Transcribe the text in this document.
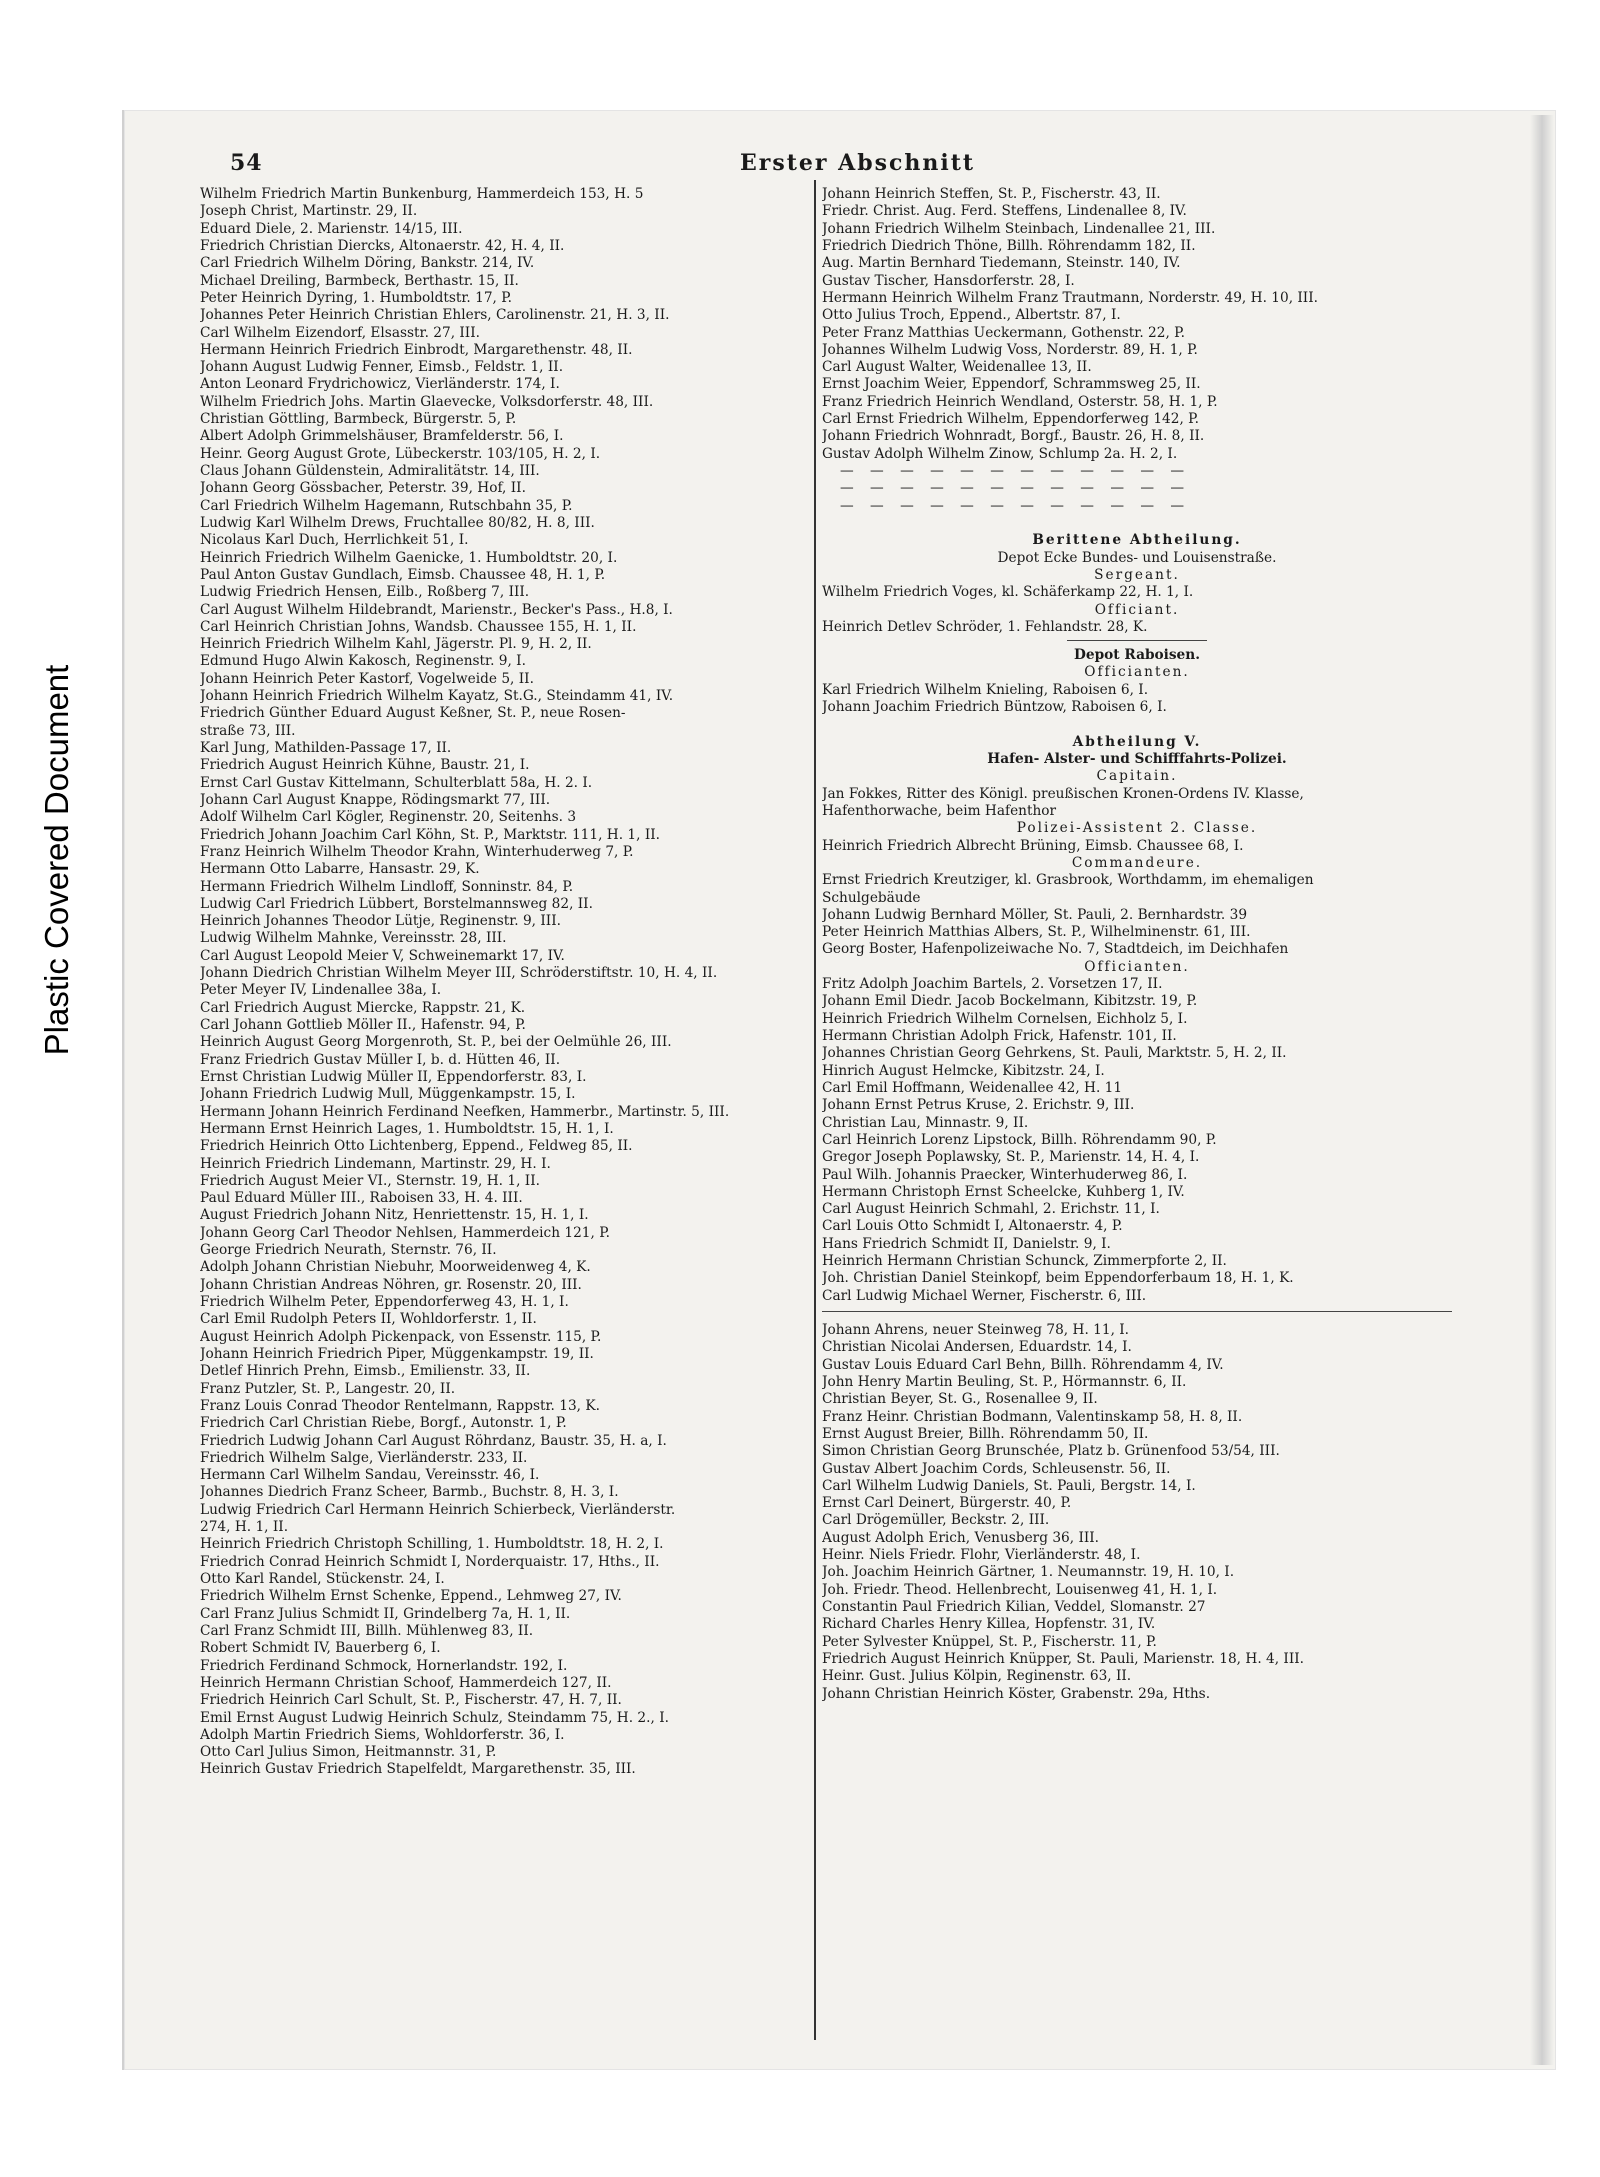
Plastic Covered Document
54	Erster Abschnitt
Wilhelm Friedrich Martin Bunkenburg, Hammerdeich 153, H. 5
Joseph Christ, Martinstr. 29, II.
Eduard Diele, 2. Marienstr. 14/15, III.
Friedrich Christian Diercks, Altonaerstr. 42, H. 4, II.
Carl Friedrich Wilhelm Döring, Bankstr. 214, IV.
Michael Dreiling, Barmbeck, Berthastr. 15, II.
Peter Heinrich Dyring, 1. Humboldtstr. 17, P.
Johannes Peter Heinrich Christian Ehlers, Carolinenstr. 21, H. 3, II.
Carl Wilhelm Eizendorf, Elsasstr. 27, III.
Hermann Heinrich Friedrich Einbrodt, Margarethenstr. 48, II.
Johann August Ludwig Fenner, Eimsb., Feldstr. 1, II.
Anton Leonard Frydrichowicz, Vierländerstr. 174, I.
Wilhelm Friedrich Johs. Martin Glaevecke, Volksdorferstr. 48, III.
Christian Göttling, Barmbeck, Bürgerstr. 5, P.
Albert Adolph Grimmelshäuser, Bramfelderstr. 56, I.
Heinr. Georg August Grote, Lübeckerstr. 103/105, H. 2, I.
Claus Johann Güldenstein, Admiralitätstr. 14, III.
Johann Georg Gössbacher, Peterstr. 39, Hof, II.
Carl Friedrich Wilhelm Hagemann, Rutschbahn 35, P.
Ludwig Karl Wilhelm Drews, Fruchtallee 80/82, H. 8, III.
Nicolaus Karl Duch, Herrlichkeit 51, I.
Heinrich Friedrich Wilhelm Gaenicke, 1. Humboldtstr. 20, I.
Paul Anton Gustav Gundlach, Eimsb. Chaussee 48, H. 1, P.
Ludwig Friedrich Hensen, Eilb., Roßberg 7, III.
Carl August Wilhelm Hildebrandt, Marienstr., Becker's Pass., H.8, I.
Carl Heinrich Christian Johns, Wandsb. Chaussee 155, H. 1, II.
Heinrich Friedrich Wilhelm Kahl, Jägerstr. Pl. 9, H. 2, II.
Edmund Hugo Alwin Kakosch, Reginenstr. 9, I.
Johann Heinrich Peter Kastorf, Vogelweide 5, II.
Johann Heinrich Friedrich Wilhelm Kayatz, St.G., Steindamm 41, IV.
Friedrich Günther Eduard August Keßner, St. P., neue Rosen-
straße 73, III.
Karl Jung, Mathilden-Passage 17, II.
Friedrich August Heinrich Kühne, Baustr. 21, I.
Ernst Carl Gustav Kittelmann, Schulterblatt 58a, H. 2. I.
Johann Carl August Knappe, Rödingsmarkt 77, III.
Adolf Wilhelm Carl Kögler, Reginenstr. 20, Seitenhs. 3
Friedrich Johann Joachim Carl Köhn, St. P., Marktstr. 111, H. 1, II.
Franz Heinrich Wilhelm Theodor Krahn, Winterhuderweg 7, P.
Hermann Otto Labarre, Hansastr. 29, K.
Hermann Friedrich Wilhelm Lindloff, Sonninstr. 84, P.
Ludwig Carl Friedrich Lübbert, Borstelmannsweg 82, II.
Heinrich Johannes Theodor Lütje, Reginenstr. 9, III.
Ludwig Wilhelm Mahnke, Vereinsstr. 28, III.
Carl August Leopold Meier V, Schweinemarkt 17, IV.
Johann Diedrich Christian Wilhelm Meyer III, Schröderstiftstr. 10, H. 4, II.
Peter Meyer IV, Lindenallee 38a, I.
Carl Friedrich August Miercke, Rappstr. 21, K.
Carl Johann Gottlieb Möller II., Hafenstr. 94, P.
Heinrich August Georg Morgenroth, St. P., bei der Oelmühle 26, III.
Franz Friedrich Gustav Müller I, b. d. Hütten 46, II.
Ernst Christian Ludwig Müller II, Eppendorferstr. 83, I.
Johann Friedrich Ludwig Mull, Müggenkampstr. 15, I.
Hermann Johann Heinrich Ferdinand Neefken, Hammerbr., Martinstr. 5, III.
Hermann Ernst Heinrich Lages, 1. Humboldtstr. 15, H. 1, I.
Friedrich Heinrich Otto Lichtenberg, Eppend., Feldweg 85, II.
Heinrich Friedrich Lindemann, Martinstr. 29, H. I.
Friedrich August Meier VI., Sternstr. 19, H. 1, II.
Paul Eduard Müller III., Raboisen 33, H. 4. III.
August Friedrich Johann Nitz, Henriettenstr. 15, H. 1, I.
Johann Georg Carl Theodor Nehlsen, Hammerdeich 121, P.
George Friedrich Neurath, Sternstr. 76, II.
Adolph Johann Christian Niebuhr, Moorweidenweg 4, K.
Johann Christian Andreas Nöhren, gr. Rosenstr. 20, III.
Friedrich Wilhelm Peter, Eppendorferweg 43, H. 1, I.
Carl Emil Rudolph Peters II, Wohldorferstr. 1, II.
August Heinrich Adolph Pickenpack, von Essenstr. 115, P.
Johann Heinrich Friedrich Piper, Müggenkampstr. 19, II.
Detlef Hinrich Prehn, Eimsb., Emilienstr. 33, II.
Franz Putzler, St. P., Langestr. 20, II.
Franz Louis Conrad Theodor Rentelmann, Rappstr. 13, K.
Friedrich Carl Christian Riebe, Borgf., Autonstr. 1, P.
Friedrich Ludwig Johann Carl August Röhrdanz, Baustr. 35, H. a, I.
Friedrich Wilhelm Salge, Vierländerstr. 233, II.
Hermann Carl Wilhelm Sandau, Vereinsstr. 46, I.
Johannes Diedrich Franz Scheer, Barmb., Buchstr. 8, H. 3, I.
Ludwig Friedrich Carl Hermann Heinrich Schierbeck, Vierländerstr.
274, H. 1, II.
Heinrich Friedrich Christoph Schilling, 1. Humboldtstr. 18, H. 2, I.
Friedrich Conrad Heinrich Schmidt I, Norderquaistr. 17, Hths., II.
Otto Karl Randel, Stückenstr. 24, I.
Friedrich Wilhelm Ernst Schenke, Eppend., Lehmweg 27, IV.
Carl Franz Julius Schmidt II, Grindelberg 7a, H. 1, II.
Carl Franz Schmidt III, Billh. Mühlenweg 83, II.
Robert Schmidt IV, Bauerberg 6, I.
Friedrich Ferdinand Schmock, Hornerlandstr. 192, I.
Heinrich Hermann Christian Schoof, Hammerdeich 127, II.
Friedrich Heinrich Carl Schult, St. P., Fischerstr. 47, H. 7, II.
Emil Ernst August Ludwig Heinrich Schulz, Steindamm 75, H. 2., I.
Adolph Martin Friedrich Siems, Wohldorferstr. 36, I.
Otto Carl Julius Simon, Heitmannstr. 31, P.
Heinrich Gustav Friedrich Stapelfeldt, Margarethenstr. 35, III.
Johann Heinrich Steffen, St. P., Fischerstr. 43, II.
Friedr. Christ. Aug. Ferd. Steffens, Lindenallee 8, IV.
Johann Friedrich Wilhelm Steinbach, Lindenallee 21, III.
Friedrich Diedrich Thöne, Billh. Röhrendamm 182, II.
Aug. Martin Bernhard Tiedemann, Steinstr. 140, IV.
Gustav Tischer, Hansdorferstr. 28, I.
Hermann Heinrich Wilhelm Franz Trautmann, Norderstr. 49, H. 10, III.
Otto Julius Troch, Eppend., Albertstr. 87, I.
Peter Franz Matthias Ueckermann, Gothenstr. 22, P.
Johannes Wilhelm Ludwig Voss, Norderstr. 89, H. 1, P.
Carl August Walter, Weidenallee 13, II.
Ernst Joachim Weier, Eppendorf, Schrammsweg 25, II.
Franz Friedrich Heinrich Wendland, Osterstr. 58, H. 1, P.
Carl Ernst Friedrich Wilhelm, Eppendorferweg 142, P.
Johann Friedrich Wohnradt, Borgf., Baustr. 26, H. 8, II.
Gustav Adolph Wilhelm Zinow, Schlump 2a. H. 2, I.
— — — — — — — — — — — —
— — — — — — — — — — — —
— — — — — — — — — — — —
Berittene Abtheilung.
Depot Ecke Bundes- und Louisenstraße.
Sergeant.
Wilhelm Friedrich Voges, kl. Schäferkamp 22, H. 1, I.
Officiant.
Heinrich Detlev Schröder, 1. Fehlandstr. 28, K.
Depot Raboisen.
Officianten.
Karl Friedrich Wilhelm Knieling, Raboisen 6, I.
Johann Joachim Friedrich Büntzow, Raboisen 6, I.
Abtheilung V.
Hafen- Alster- und Schifffahrts-Polizei.
Capitain.
Jan Fokkes, Ritter des Königl. preußischen Kronen-Ordens IV. Klasse,
Hafenthorwache, beim Hafenthor
Polizei-Assistent 2. Classe.
Heinrich Friedrich Albrecht Brüning, Eimsb. Chaussee 68, I.
Commandeure.
Ernst Friedrich Kreutziger, kl. Grasbrook, Worthdamm, im ehemaligen
Schulgebäude
Johann Ludwig Bernhard Möller, St. Pauli, 2. Bernhardstr. 39
Peter Heinrich Matthias Albers, St. P., Wilhelminenstr. 61, III.
Georg Boster, Hafenpolizeiwache No. 7, Stadtdeich, im Deichhafen
Officianten.
Fritz Adolph Joachim Bartels, 2. Vorsetzen 17, II.
Johann Emil Diedr. Jacob Bockelmann, Kibitzstr. 19, P.
Heinrich Friedrich Wilhelm Cornelsen, Eichholz 5, I.
Hermann Christian Adolph Frick, Hafenstr. 101, II.
Johannes Christian Georg Gehrkens, St. Pauli, Marktstr. 5, H. 2, II.
Hinrich August Helmcke, Kibitzstr. 24, I.
Carl Emil Hoffmann, Weidenallee 42, H. 11
Johann Ernst Petrus Kruse, 2. Erichstr. 9, III.
Christian Lau, Minnastr. 9, II.
Carl Heinrich Lorenz Lipstock, Billh. Röhrendamm 90, P.
Gregor Joseph Poplawsky, St. P., Marienstr. 14, H. 4, I.
Paul Wilh. Johannis Praecker, Winterhuderweg 86, I.
Hermann Christoph Ernst Scheelcke, Kuhberg 1, IV.
Carl August Heinrich Schmahl, 2. Erichstr. 11, I.
Carl Louis Otto Schmidt I, Altonaerstr. 4, P.
Hans Friedrich Schmidt II, Danielstr. 9, I.
Heinrich Hermann Christian Schunck, Zimmerpforte 2, II.
Joh. Christian Daniel Steinkopf, beim Eppendorferbaum 18, H. 1, K.
Carl Ludwig Michael Werner, Fischerstr. 6, III.
Johann Ahrens, neuer Steinweg 78, H. 11, I.
Christian Nicolai Andersen, Eduardstr. 14, I.
Gustav Louis Eduard Carl Behn, Billh. Röhrendamm 4, IV.
John Henry Martin Beuling, St. P., Hörmannstr. 6, II.
Christian Beyer, St. G., Rosenallee 9, II.
Franz Heinr. Christian Bodmann, Valentinskamp 58, H. 8, II.
Ernst August Breier, Billh. Röhrendamm 50, II.
Simon Christian Georg Brunschée, Platz b. Grünenfood 53/54, III.
Gustav Albert Joachim Cords, Schleusenstr. 56, II.
Carl Wilhelm Ludwig Daniels, St. Pauli, Bergstr. 14, I.
Ernst Carl Deinert, Bürgerstr. 40, P.
Carl Drögemüller, Beckstr. 2, III.
August Adolph Erich, Venusberg 36, III.
Heinr. Niels Friedr. Flohr, Vierländerstr. 48, I.
Joh. Joachim Heinrich Gärtner, 1. Neumannstr. 19, H. 10, I.
Joh. Friedr. Theod. Hellenbrecht, Louisenweg 41, H. 1, I.
Constantin Paul Friedrich Kilian, Veddel, Slomanstr. 27
Richard Charles Henry Killea, Hopfenstr. 31, IV.
Peter Sylvester Knüppel, St. P., Fischerstr. 11, P.
Friedrich August Heinrich Knüpper, St. Pauli, Marienstr. 18, H. 4, III.
Heinr. Gust. Julius Kölpin, Reginenstr. 63, II.
Johann Christian Heinrich Köster, Grabenstr. 29a, Hths.
